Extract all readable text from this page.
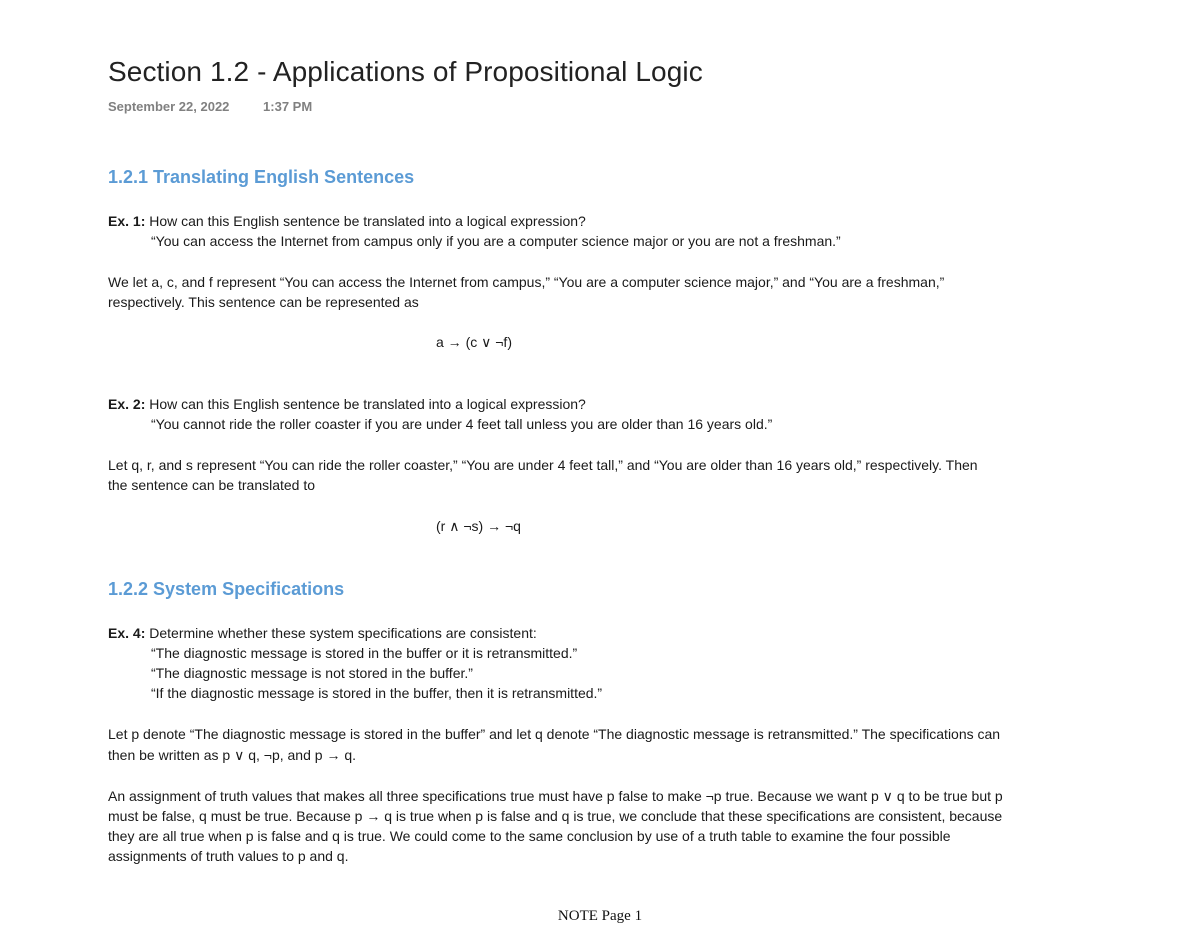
Section 1.2 - Applications of Propositional Logic
September 22, 2022	1:37 PM
1.2.1 Translating English Sentences
Ex. 1: How can this English sentence be translated into a logical expression?
“You can access the Internet from campus only if you are a computer science major or you are not a freshman.”
We let a, c, and f represent “You can access the Internet from campus,” “You are a computer science major,” and “You are a freshman,”
respectively. This sentence can be represented as
a → (c ∨ ¬f)
Ex. 2: How can this English sentence be translated into a logical expression?
“You cannot ride the roller coaster if you are under 4 feet tall unless you are older than 16 years old.”
Let q, r, and s represent “You can ride the roller coaster,” “You are under 4 feet tall,” and “You are older than 16 years old,” respectively. Then
the sentence can be translated to
(r ∧ ¬s) → ¬q
1.2.2 System Specifications
Ex. 4: Determine whether these system specifications are consistent:
“The diagnostic message is stored in the buffer or it is retransmitted.”
“The diagnostic message is not stored in the buffer.”
“If the diagnostic message is stored in the buffer, then it is retransmitted.”
Let p denote “The diagnostic message is stored in the buffer” and let q denote “The diagnostic message is retransmitted.” The specifications can
then be written as p ∨ q, ¬p, and p → q.
An assignment of truth values that makes all three specifications true must have p false to make ¬p true. Because we want p ∨ q to be true but p
must be false, q must be true. Because p → q is true when p is false and q is true, we conclude that these specifications are consistent, because
they are all true when p is false and q is true. We could come to the same conclusion by use of a truth table to examine the four possible
assignments of truth values to p and q.
NOTE Page 1
